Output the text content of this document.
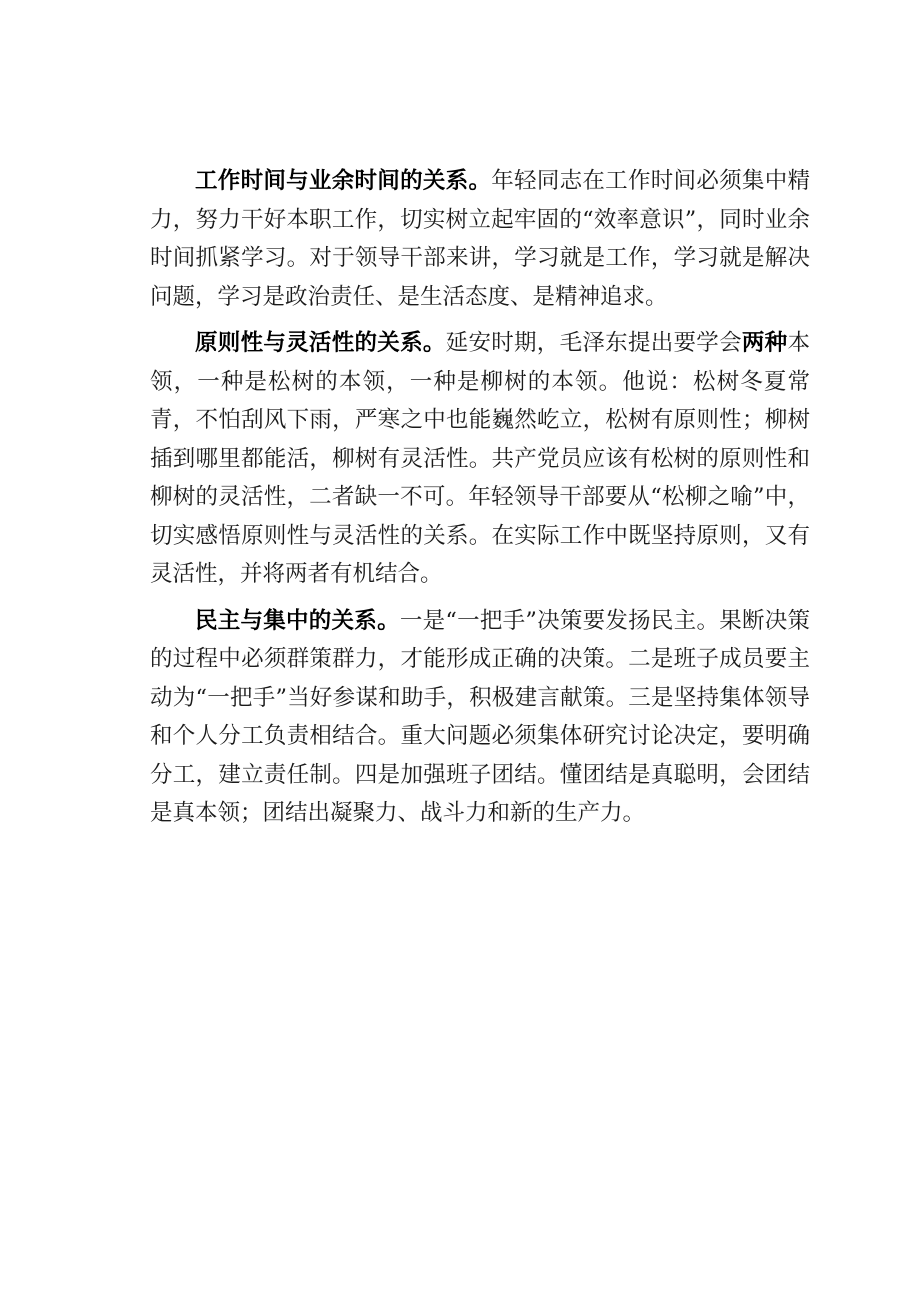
工作时间与业余时间的关系。年轻同志在工作时间必须集中精力，努力干好本职工作，切实树立起牢固的“效率意识”，同时业余时间抓紧学习。对于领导干部来讲，学习就是工作，学习就是解决问题，学习是政治责任、是生活态度、是精神追求。

原则性与灵活性的关系。延安时期，毛泽东提出要学会两种本领，一种是松树的本领，一种是柳树的本领。他说：松树冬夏常青，不怕刮风下雨，严寒之中也能巍然屹立，松树有原则性；柳树插到哪里都能活，柳树有灵活性。共产党员应该有松树的原则性和柳树的灵活性，二者缺一不可。年轻领导干部要从“松柳之喻”中，切实感悟原则性与灵活性的关系。在实际工作中既坚持原则，又有灵活性，并将两者有机结合。

民主与集中的关系。一是“一把手”决策要发扬民主。果断决策的过程中必须群策群力，才能形成正确的决策。二是班子成员要主动为“一把手”当好参谋和助手，积极建言献策。三是坚持集体领导和个人分工负责相结合。重大问题必须集体研究讨论决定，要明确分工，建立责任制。四是加强班子团结。懂团结是真聪明，会团结是真本领；团结出凝聚力、战斗力和新的生产力。
